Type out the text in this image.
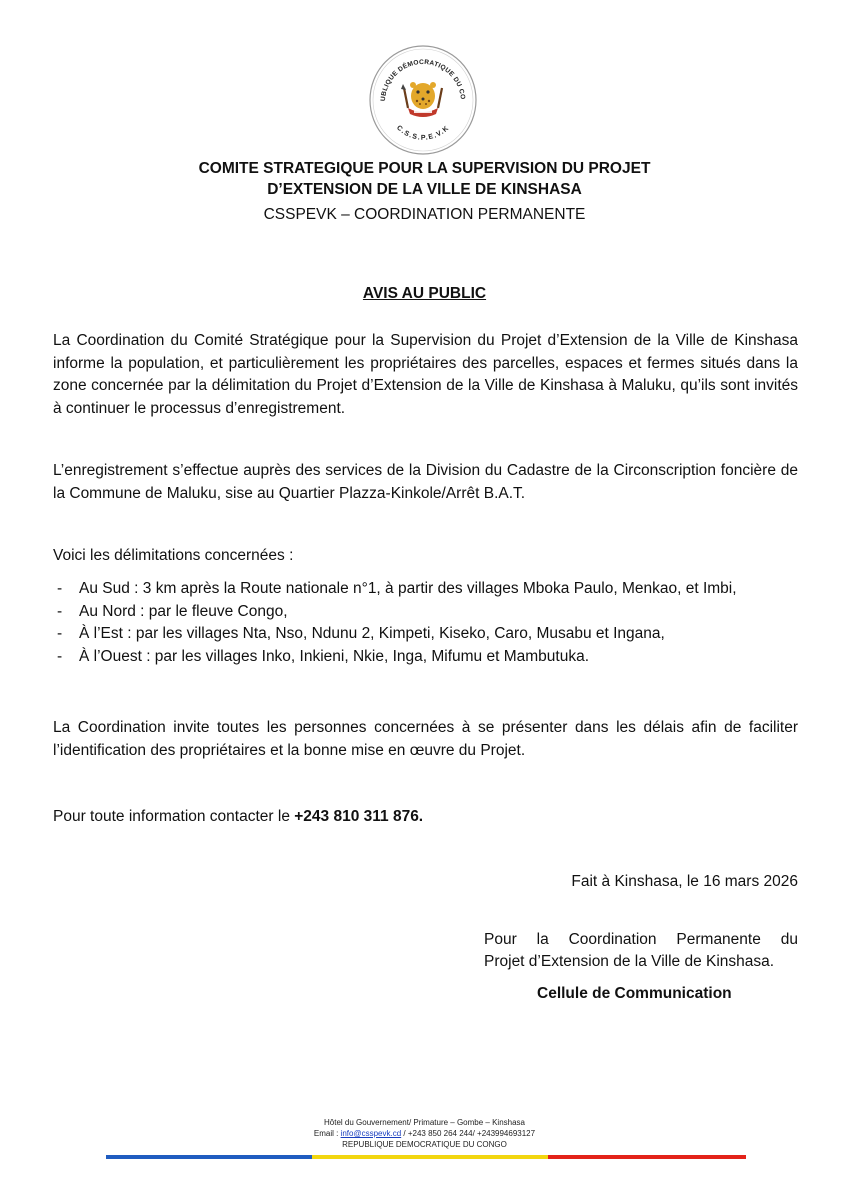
UBLIQUE DÉMOCRATIQUE DU CO
C.S.S.P.E.V.K
COMITE STRATEGIQUE POUR LA SUPERVISION DU PROJET
D’EXTENSION DE LA VILLE DE KINSHASA
CSSPEVK – COORDINATION PERMANENTE
AVIS AU PUBLIC

La Coordination du Comité Stratégique pour la Supervision du Projet d’Extension de la Ville de Kinshasa informe la population, et particulièrement les propriétaires des parcelles, espaces et fermes situés dans la zone concernée par la délimitation du Projet d’Extension de la Ville de Kinshasa à Maluku, qu’ils sont invités à continuer le processus d’enregistrement.

L’enregistrement s’effectue auprès des services de la Division du Cadastre de la Circonscription foncière de la Commune de Maluku, sise au Quartier Plazza-Kinkole/Arrêt B.A.T.

Voici les délimitations concernées :

- Au Sud : 3 km après la Route nationale n°1, à partir des villages Mboka Paulo, Menkao, et Imbi,
- Au Nord : par le fleuve Congo,
- À l’Est : par les villages Nta, Nso, Ndunu 2, Kimpeti, Kiseko, Caro, Musabu et Ingana,
- À l’Ouest : par les villages Inko, Inkieni, Nkie, Inga, Mifumu et Mambutuka.

La Coordination invite toutes les personnes concernées à se présenter dans les délais afin de faciliter l’identification des propriétaires et la bonne mise en œuvre du Projet.

Pour toute information contacter le +243 810 311 876.

Fait à Kinshasa, le 16 mars 2026
Pour la Coordination Permanente du

Projet d’Extension de la Ville de Kinshasa.
Cellule de Communication
Hôtel du Gouvernement/ Primature – Gombe – Kinshasa
Email : info@csspevk.cd / +243 850 264 244/ +243994693127
REPUBLIQUE DEMOCRATIQUE DU CONGO
